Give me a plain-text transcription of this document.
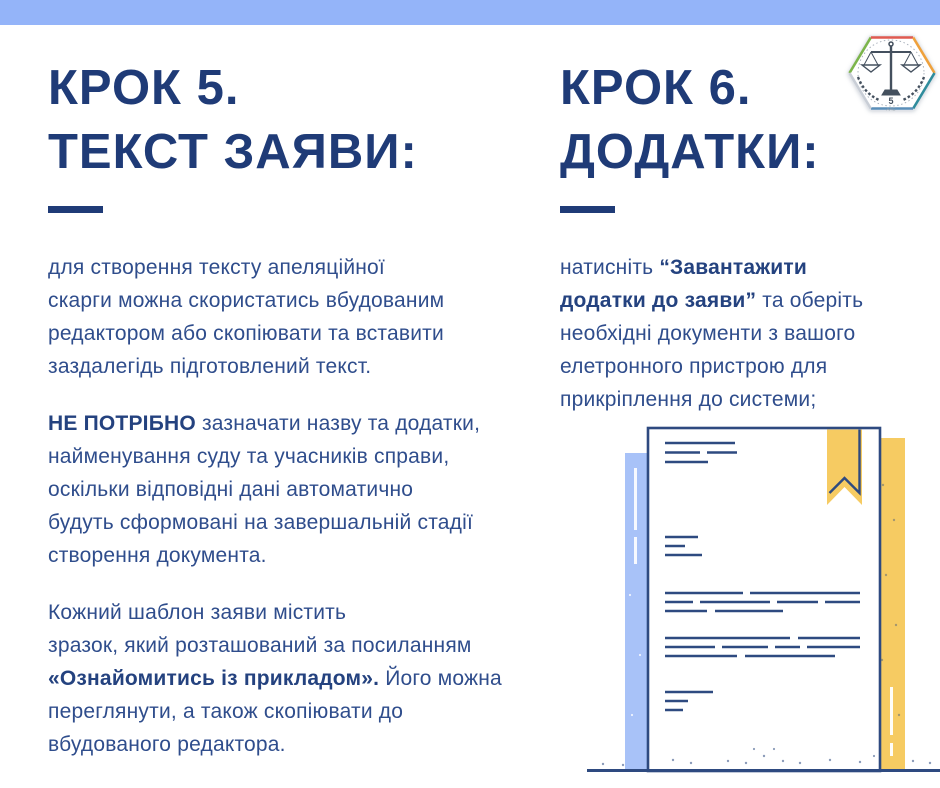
КРОК 5.
ТЕКСТ ЗАЯВИ:
для створення тексту апеляційної
скарги можна скористатись вбудованим
редактором або скопіювати та вставити
заздалегідь підготовлений текст.
НЕ ПОТРІБНО зазначати назву та додатки,
найменування суду та учасників справи,
оскільки відповідні дані автоматично
будуть сформовані на завершальній стадії
створення документа.
Кожний шаблон заяви містить
зразок, який розташований за посиланням
«Ознайомитись із прикладом». Його можна
переглянути, а також скопіювати до
вбудованого редактора.
КРОК 6.
ДОДАТКИ:
натисніть “Завантажити
додатки до заяви” та оберіть
необхідні документи з вашого
елетронного пристрою для
прикріплення до системи;
5
ААС
